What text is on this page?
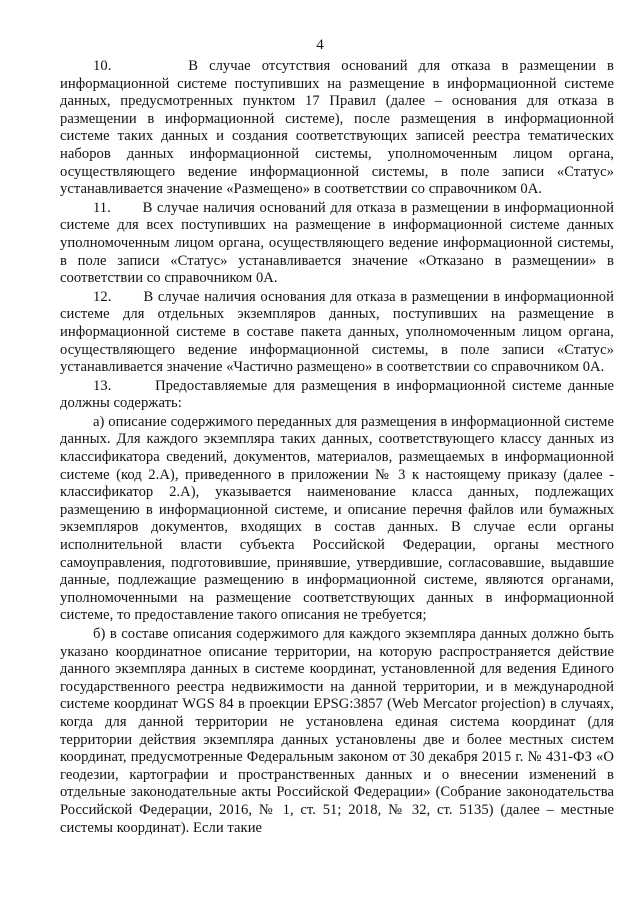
4

10.       В случае отсутствия оснований для отказа в размещении в информационной системе поступивших на размещение в информационной системе данных, предусмотренных пунктом 17 Правил (далее – основания для отказа в размещении в информационной системе), после размещения в информационной системе таких данных и создания соответствующих записей реестра тематических наборов данных информационной системы, уполномоченным лицом органа, осуществляющего ведение информационной системы, в поле записи «Статус» устанавливается значение «Размещено» в соответствии со справочником 0А.

11.       В случае наличия оснований для отказа в размещении в информационной системе для всех поступивших на размещение в информационной системе данных уполномоченным лицом органа, осуществляющего ведение информационной системы, в поле записи «Статус» устанавливается значение «Отказано в размещении» в соответствии со справочником 0А.

12.       В случае наличия основания для отказа в размещении в информационной системе для отдельных экземпляров данных, поступивших на размещение в информационной системе в составе пакета данных, уполномоченным лицом органа, осуществляющего ведение информационной системы, в поле записи «Статус» устанавливается значение «Частично размещено» в соответствии со справочником 0А.

13.       Предоставляемые для размещения в информационной системе данные должны содержать:

а) описание содержимого переданных для размещения в информационной системе данных. Для каждого экземпляра таких данных, соответствующего классу данных из классификатора сведений, документов, материалов, размещаемых в информационной системе (код 2.А), приведенного в приложении № 3 к настоящему приказу (далее - классификатор 2.А), указывается наименование класса данных, подлежащих размещению в информационной системе, и описание перечня файлов или бумажных экземпляров документов, входящих в состав данных. В случае если органы исполнительной власти субъекта Российской Федерации, органы местного самоуправления, подготовившие, принявшие, утвердившие, согласовавшие, выдавшие данные, подлежащие размещению в информационной системе, являются органами, уполномоченными на размещение соответствующих данных в информационной системе, то предоставление такого описания не требуется;

б) в составе описания содержимого для каждого экземпляра данных должно быть указано координатное описание территории, на которую распространяется действие данного экземпляра данных в системе координат, установленной для ведения Единого государственного реестра недвижимости на данной территории, и в международной системе координат WGS 84 в проекции EPSG:3857 (Web Mercator projection) в случаях, когда для данной территории не установлена единая система координат (для территории действия экземпляра данных установлены две и более местных систем координат, предусмотренные Федеральным законом от 30 декабря 2015 г. № 431-ФЗ «О геодезии, картографии и пространственных данных и о внесении изменений в отдельные законодательные акты Российской Федерации» (Собрание законодательства Российской Федерации, 2016, № 1, ст. 51; 2018, № 32, ст. 5135) (далее – местные системы координат). Если такие
